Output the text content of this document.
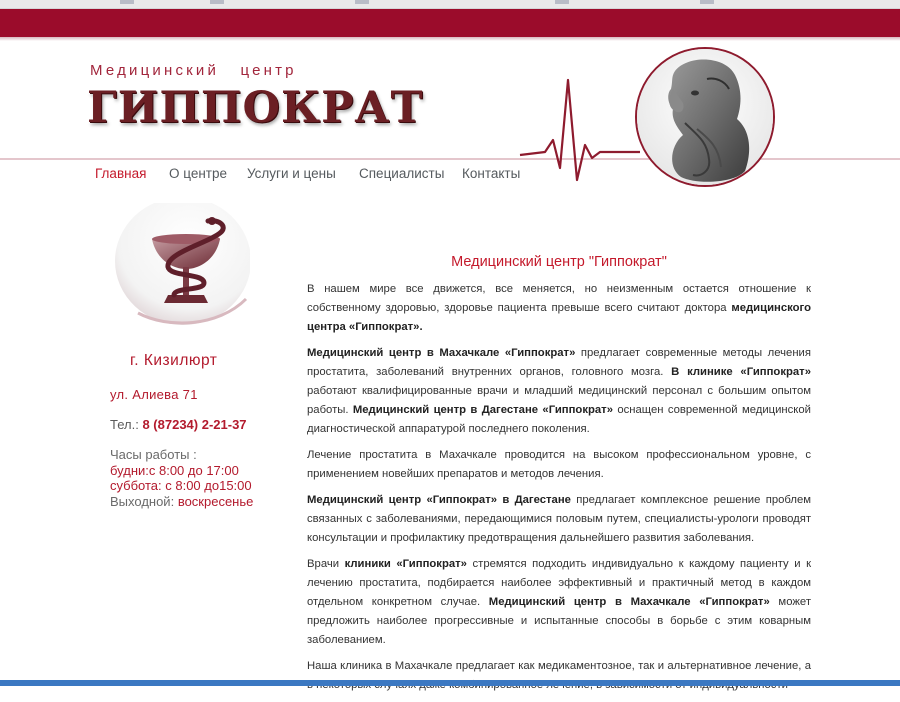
Медицинский центр
ГИППОКРАТ
Главная О центре Услуги и цены Специалисты Контакты
г. Кизилюрт
ул. Алиева 71
Тел.: 8 (87234) 2-21-37
Часы работы :
будни:с 8:00 до 17:00
суббота: с 8:00 до15:00
Выходной: воскресенье
Медицинский центр "Гиппократ"

В нашем мире все движется, все меняется, но неизменным остается отношение к собственному здоровью, здоровье пациента превыше всего считают доктора медицинского центра «Гиппократ».

Медицинский центр в Махачкале «Гиппократ» предлагает современные методы лечения простатита, заболеваний внутренних органов, головного мозга. В клинике «Гиппократ» работают квалифицированные врачи и младший медицинский персонал с большим опытом работы. Медицинский центр в Дагестане «Гиппократ» оснащен современной медицинской диагностической аппаратурой последнего поколения.

Лечение простатита в Махачкале проводится на высоком профессиональном уровне, с применением новейших препаратов и методов лечения.

Медицинский центр «Гиппократ» в Дагестане предлагает комплексное решение проблем связанных с заболеваниями, передающимися половым путем, специалисты-урологи проводят консультации и профилактику предотвращения дальнейшего развития заболевания.

Врачи клиники «Гиппократ» стремятся подходить индивидуально к каждому пациенту и к лечению простатита, подбирается наиболее эффективный и практичный метод в каждом отдельном конкретном случае. Медицинский центр в Махачкале «Гиппократ» может предложить наиболее прогрессивные и испытанные способы в борьбе с этим коварным заболеванием.

Наша клиника в Махачкале предлагает как медикаментозное, так и альтернативное лечение, а
